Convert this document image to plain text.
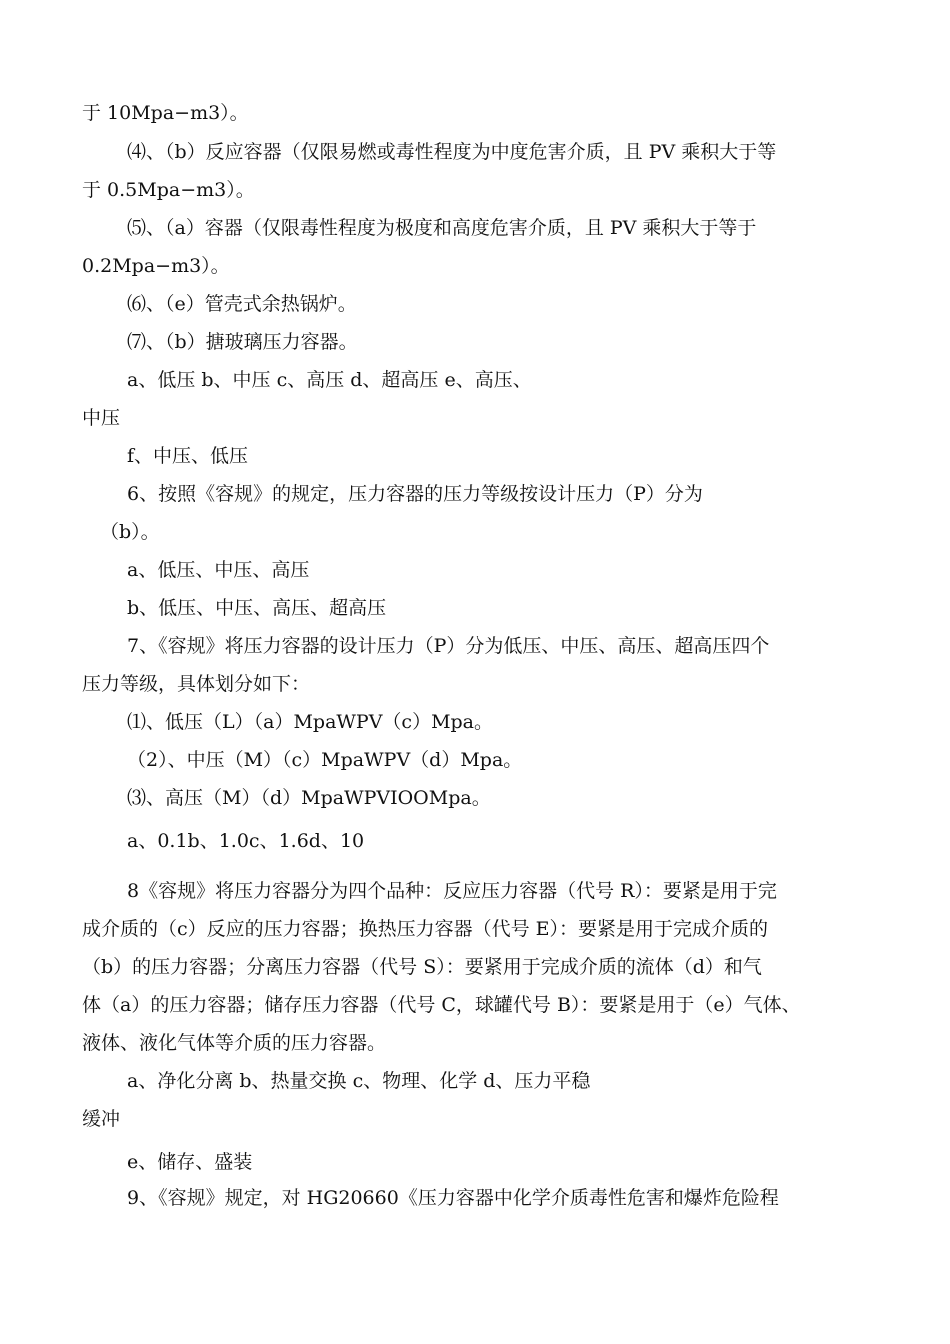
于 10Mpa−m3）。
⑷、（b）反应容器（仅限易燃或毒性程度为中度危害介质，且 PV 乘积大于等
于 0.5Mpa−m3）。
⑸、（a）容器（仅限毒性程度为极度和高度危害介质，且 PV 乘积大于等于
0.2Mpa−m3）。
⑹、（e）管壳式余热锅炉。
⑺、（b）搪玻璃压力容器。
a、低压 b、中压 c、高压 d、超高压 e、高压、
中压
f、中压、低压
6、按照《容规》的规定，压力容器的压力等级按设计压力（P）分为
（b）。
a、低压、中压、高压
b、低压、中压、高压、超高压
7、《容规》将压力容器的设计压力（P）分为低压、中压、高压、超高压四个
压力等级，具体划分如下：
⑴、低压（L）（a）MpaWPV（c）Mpa。
（2）、中压（M）（c）MpaWPV（d）Mpa。
⑶、高压（M）（d）MpaWPVIOOMpa。
a、0.1b、1.0c、1.6d、10
8《容规》将压力容器分为四个品种：反应压力容器（代号 R）：要紧是用于完
成介质的（c）反应的压力容器；换热压力容器（代号 E）：要紧是用于完成介质的
（b）的压力容器；分离压力容器（代号 S）：要紧用于完成介质的流体（d）和气
体（a）的压力容器；储存压力容器（代号 C，球罐代号 B）：要紧是用于（e）气体、
液体、液化气体等介质的压力容器。
a、净化分离 b、热量交换 c、物理、化学 d、压力平稳
缓冲
e、储存、盛装
9、《容规》规定，对 HG20660《压力容器中化学介质毒性危害和爆炸危险程
